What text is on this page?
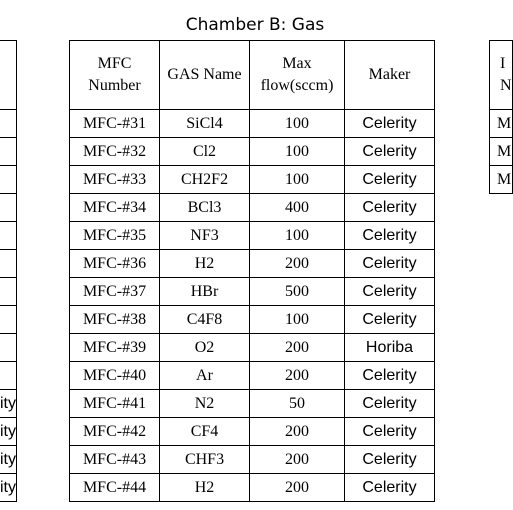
Chamber B: Gas

ity
ity
ity
ity
MFC Number	GAS Name	Max flow(sccm)	Maker
MFC-#31	SiCl4	100	Celerity
MFC-#32	Cl2	100	Celerity
MFC-#33	CH2F2	100	Celerity
MFC-#34	BCl3	400	Celerity
MFC-#35	NF3	100	Celerity
MFC-#36	H2	200	Celerity
MFC-#37	HBr	500	Celerity
MFC-#38	C4F8	100	Celerity
MFC-#39	O2	200	Horiba
MFC-#40	Ar	200	Celerity
MFC-#41	N2	50	Celerity
MFC-#42	CF4	200	Celerity
MFC-#43	CHF3	200	Celerity
MFC-#44	H2	200	Celerity
I
N
M
M
M
